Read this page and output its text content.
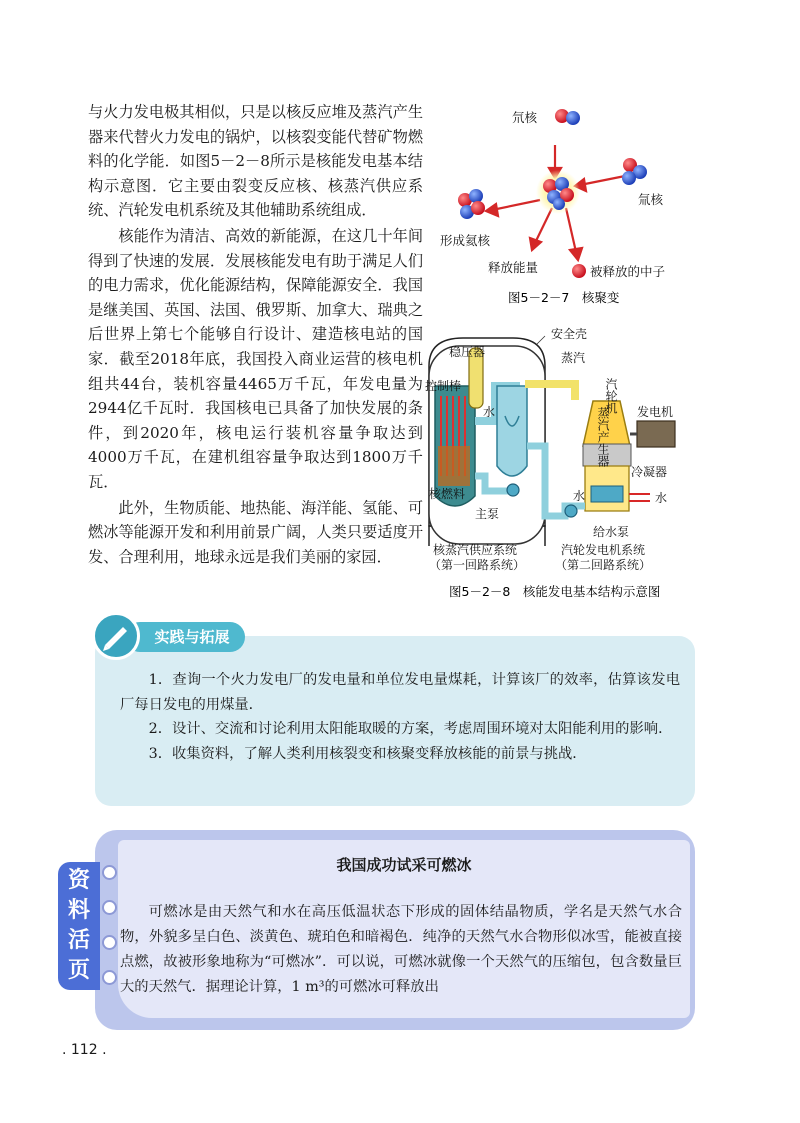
与火力发电极其相似，只是以核反应堆及蒸汽产生器来代替火力发电的锅炉，以核裂变能代替矿物燃料的化学能．如图5－2－8所示是核能发电基本结构示意图．它主要由裂变反应核、核蒸汽供应系统、汽轮发电机系统及其他辅助系统组成．

核能作为清洁、高效的新能源，在这几十年间得到了快速的发展．发展核能发电有助于满足人们的电力需求，优化能源结构，保障能源安全．我国是继美国、英国、法国、俄罗斯、加拿大、瑞典之后世界上第七个能够自行设计、建造核电站的国家．截至2018年底，我国投入商业运营的核电机组共44台，装机容量4465万千瓦，年发电量为2944亿千瓦时．我国核电已具备了加快发展的条件，到2020年，核电运行装机容量争取达到4000万千瓦，在建机组容量争取达到1800万千瓦．

此外，生物质能、地热能、海洋能、氢能、可燃冰等能源开发和利用前景广阔，人类只要适度开发、合理利用，地球永远是我们美丽的家园．

氘核
氚核
形成氦核
释放能量	被释放的中子
图5－2－7　核聚变
安全壳
稳压器	蒸汽
控制棒
水	蒸汽产生器
汽轮机 发电机
冷凝器
核燃料
主泵
水	水
给水泵
核蒸汽供应系统
（第一回路系统）
汽轮发电机系统
（第二回路系统）
图5－2－8　核能发电基本结构示意图
实践与拓展

1．查询一个火力发电厂的发电量和单位发电量煤耗，计算该厂的效率，估算该发电厂每日发电的用煤量．

2．设计、交流和讨论利用太阳能取暖的方案，考虑周围环境对太阳能利用的影响．

3．收集资料，了解人类利用核裂变和核聚变释放核能的前景与挑战．

资料活页
我国成功试采可燃冰

可燃冰是由天然气和水在高压低温状态下形成的固体结晶物质，学名是天然气水合物，外貌多呈白色、淡黄色、琥珀色和暗褐色．纯净的天然气水合物形似冰雪，能被直接点燃，故被形象地称为“可燃冰”．可以说，可燃冰就像一个天然气的压缩包，包含数量巨大的天然气．据理论计算，1 m³的可燃冰可释放出

. 112 .
